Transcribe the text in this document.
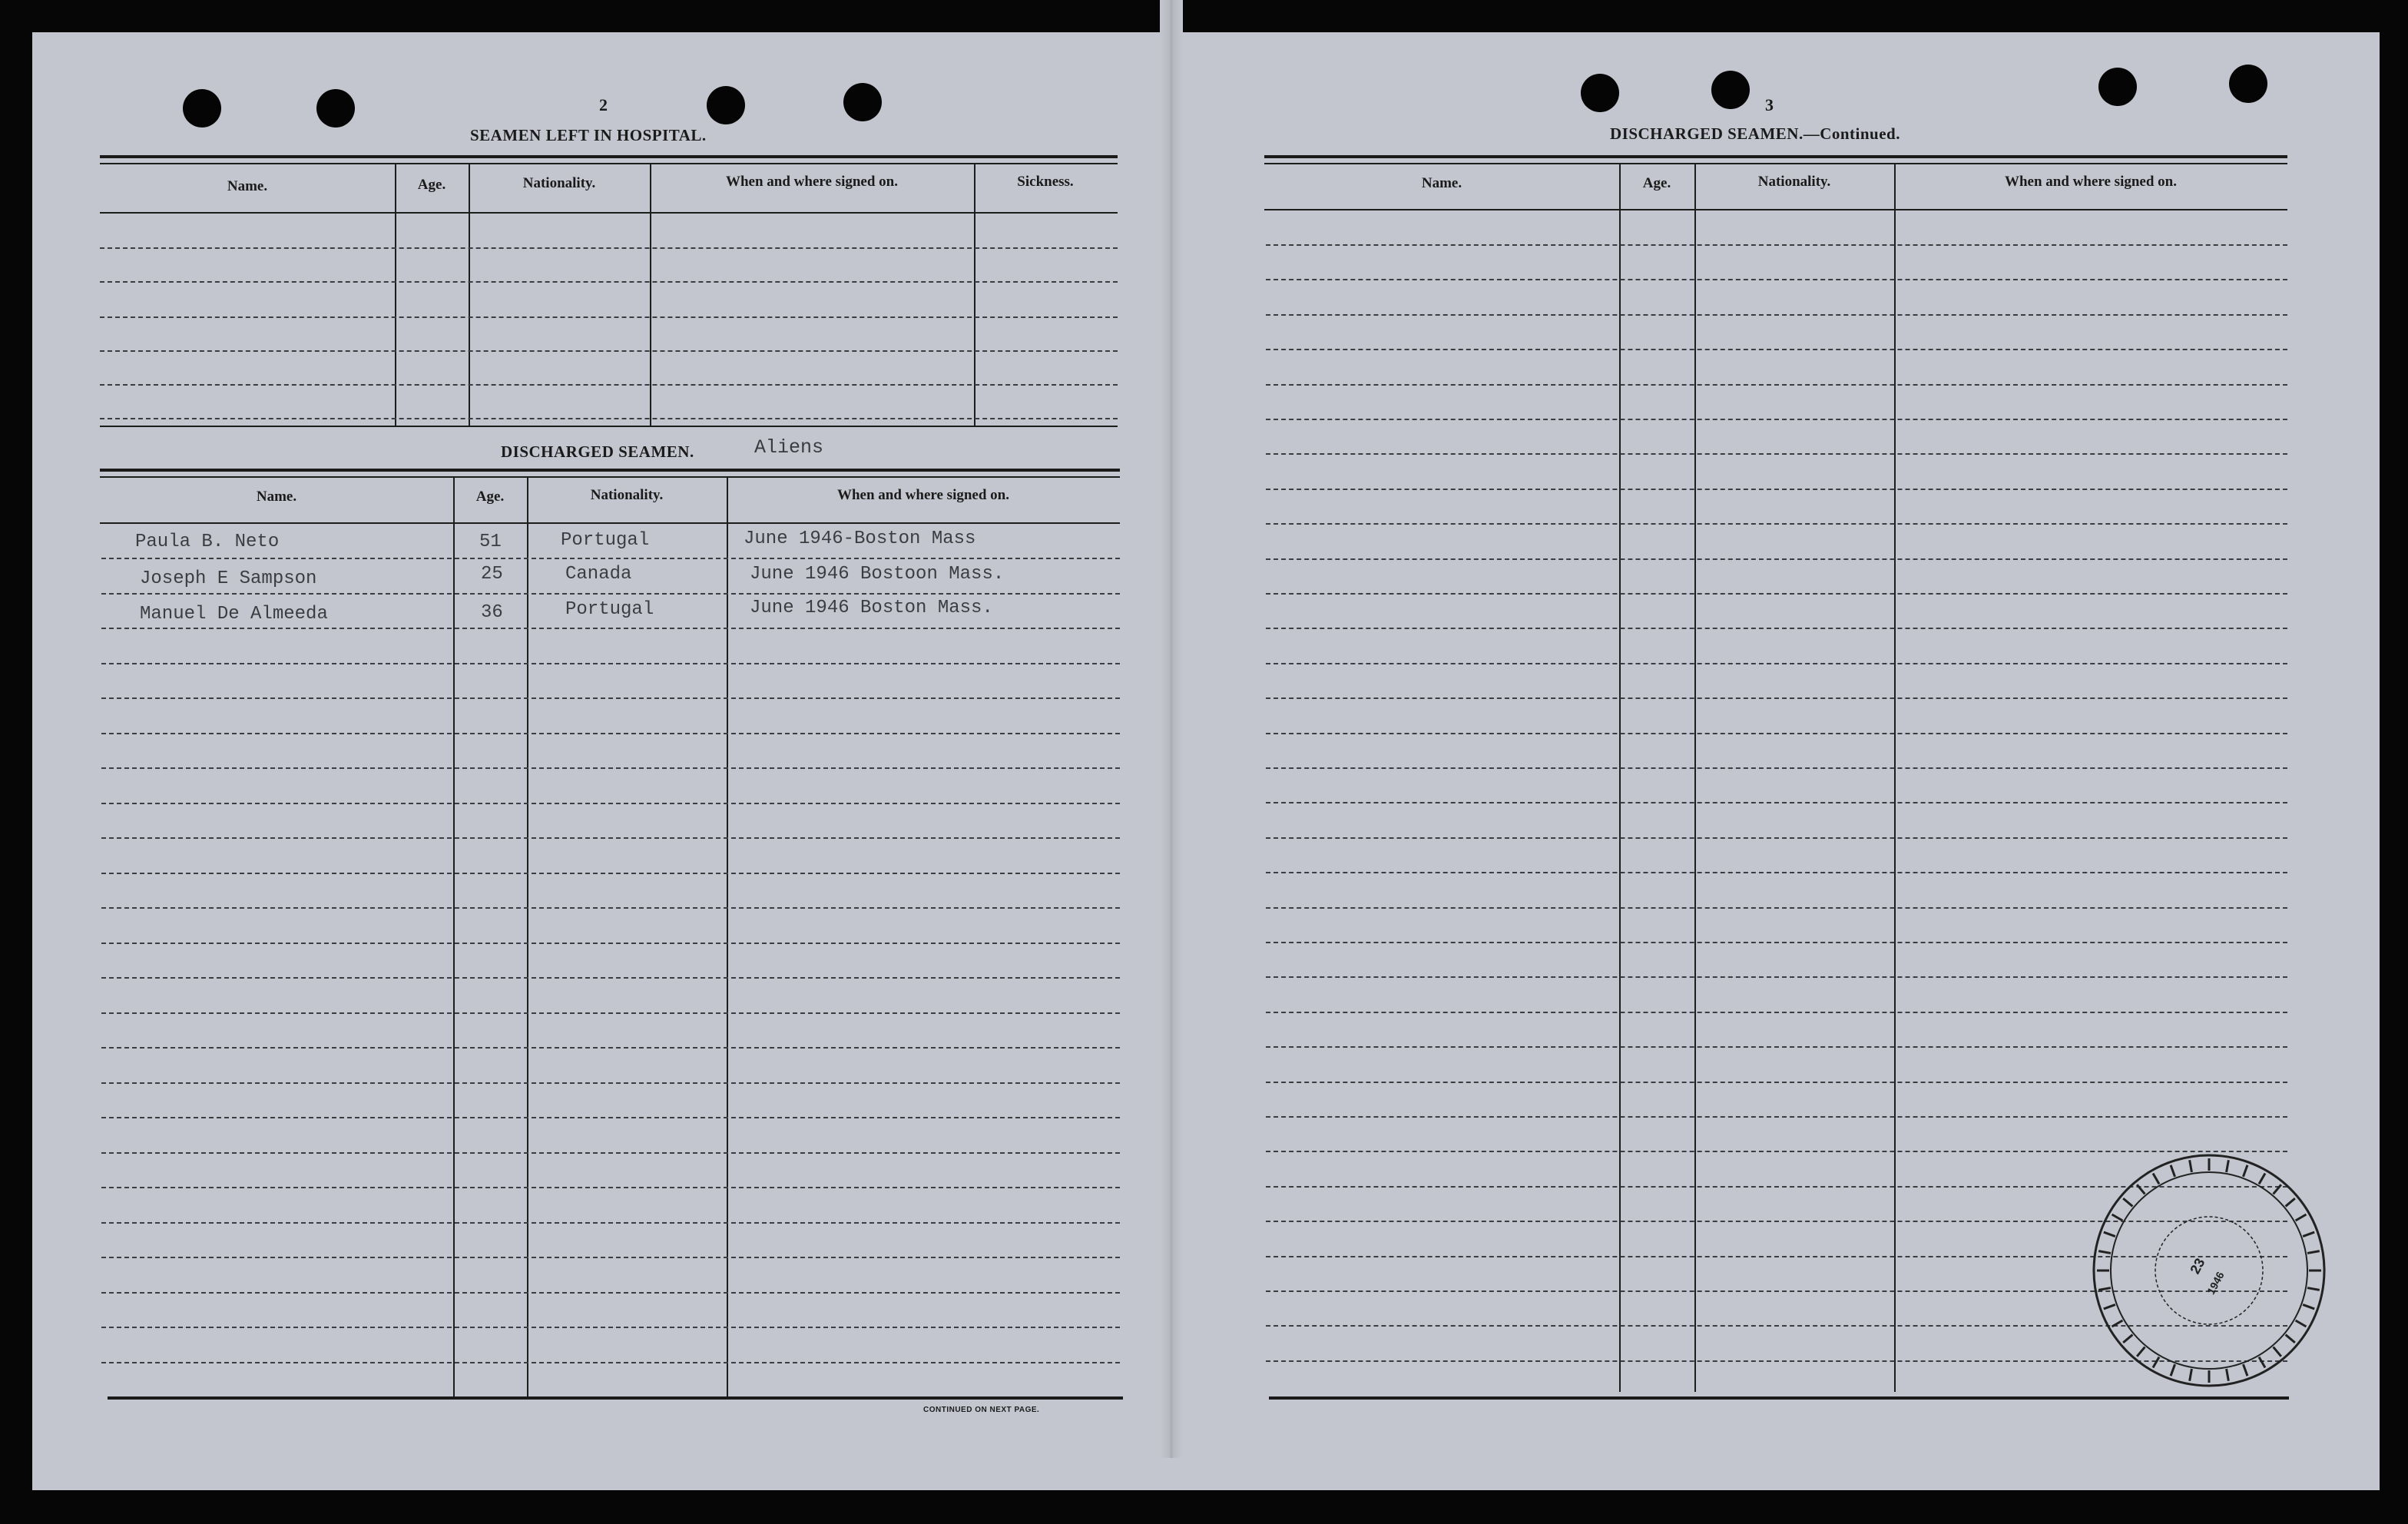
2
SEAMEN LEFT IN HOSPITAL.
Name.	Age.	Nationality.	When and where signed on.	Sickness.
DISCHARGED SEAMEN.	Aliens
Name.	Age.	Nationality.	When and where signed on.
Paula B. Neto	51	Portugal	June 1946-Boston Mass
Joseph E Sampson	25	Canada	June 1946 Bostoon Mass.
Manuel De Almeeda	36	Portugal	June 1946 Boston Mass.
CONTINUED ON NEXT PAGE.
3
DISCHARGED SEAMEN.—Continued.
Name.	Age.	Nationality.	When and where signed on.
23
1946
